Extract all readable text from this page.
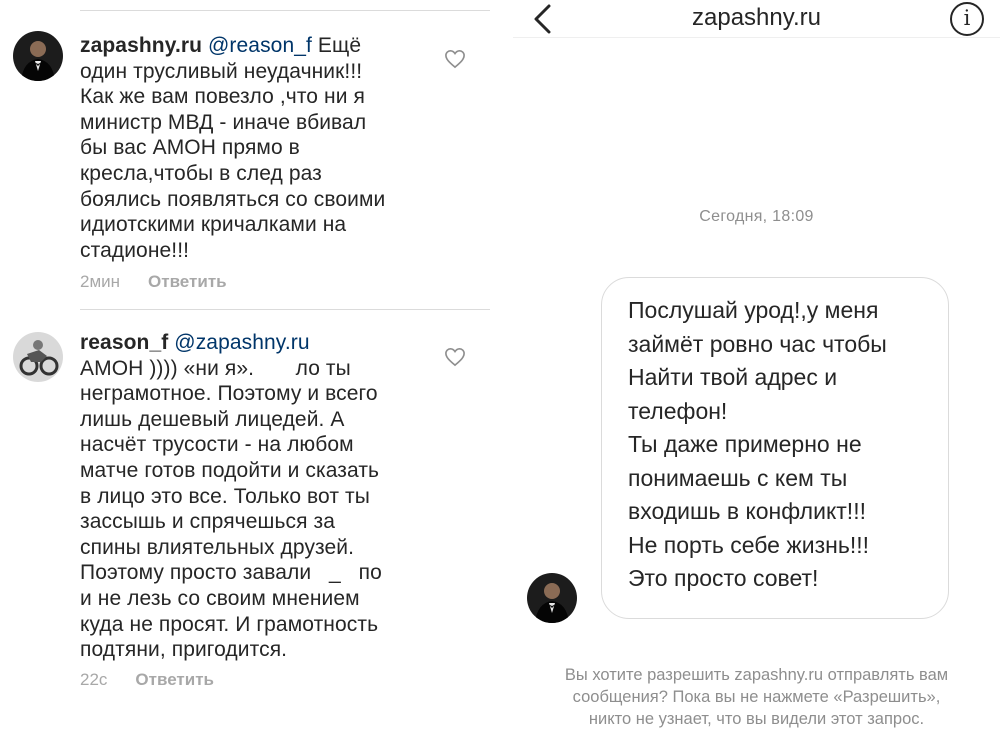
zapashny.ru @reason_f Ещё
один трусливый неудачник!!!
Как же вам повезло ,что ни я
министр МВД - иначе вбивал
бы вас АМОН прямо в
кресла,чтобы в след раз
боялись появляться со своими
идиотскими кричалками на
стадионе!!!
2мин Ответить
reason_f @zapashny.ru
АМОН )))) «ни я».       ло ты
неграмотное. Поэтому и всего
лишь дешевый лицедей. А
насчёт трусости - на любом
матче готов подойти и сказать
в лицо это все. Только вот ты
зассышь и спрячешься за
спины влиятельных друзей.
Поэтому просто завали   _   по
и не лезь со своим мнением
куда не просят. И грамотность
подтяни, пригодится.
22с Ответить
zapashny.ru	i
Сегодня, 18:09

Послушай урод!,у меня

займёт ровно час чтобы

Найти твой адрес и

телефон!

Ты даже примерно не

понимаешь с кем ты

входишь в конфликт!!!

Не порть себе жизнь!!!

Это просто совет!

Вы хотите разрешить zapashny.ru отправлять вам
сообщения? Пока вы не нажмете «Разрешить»,
никто не узнает, что вы видели этот запрос.
